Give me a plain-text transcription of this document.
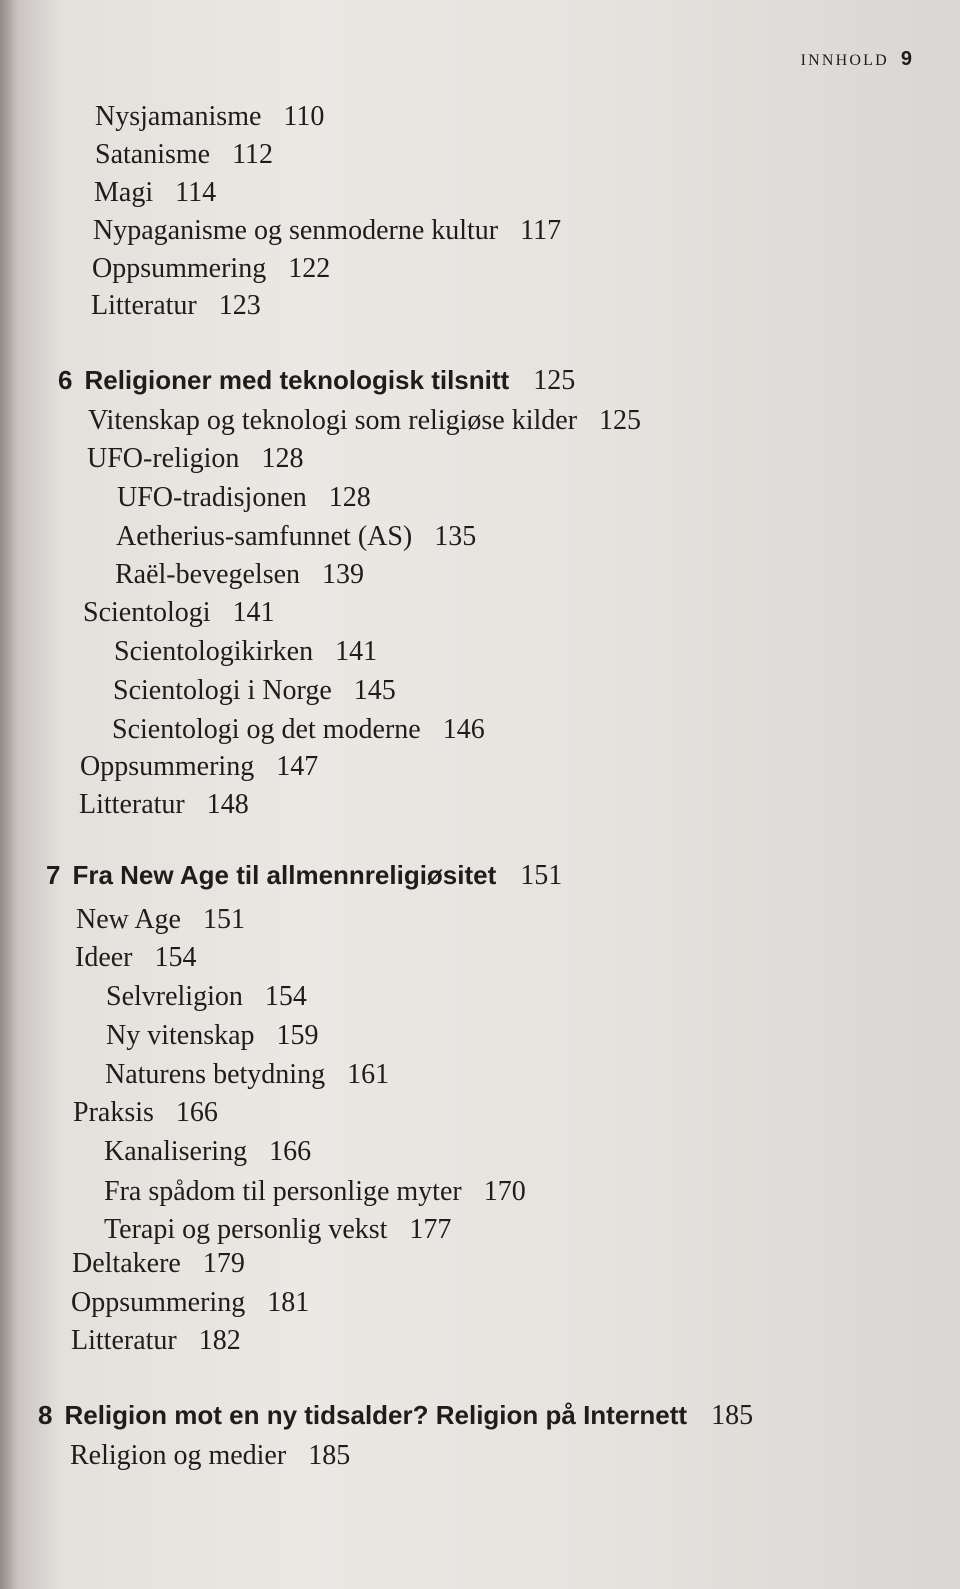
INNHOLD 9
Nysjamanisme 110
Satanisme 112
Magi 114
Nypaganisme og senmoderne kultur 117
Oppsummering 122
Litteratur 123
6 Religioner med teknologisk tilsnitt 125
Vitenskap og teknologi som religiøse kilder 125
UFO-religion 128
UFO-tradisjonen 128
Aetherius-samfunnet (AS) 135
Raël-bevegelsen 139
Scientologi 141
Scientologikirken 141
Scientologi i Norge 145
Scientologi og det moderne 146
Oppsummering 147
Litteratur 148
7 Fra New Age til allmennreligiøsitet 151
New Age 151
Ideer 154
Selvreligion 154
Ny vitenskap 159
Naturens betydning 161
Praksis 166
Kanalisering 166
Fra spådom til personlige myter 170
Terapi og personlig vekst 177
Deltakere 179
Oppsummering 181
Litteratur 182
8 Religion mot en ny tidsalder? Religion på Internett 185
Religion og medier 185
